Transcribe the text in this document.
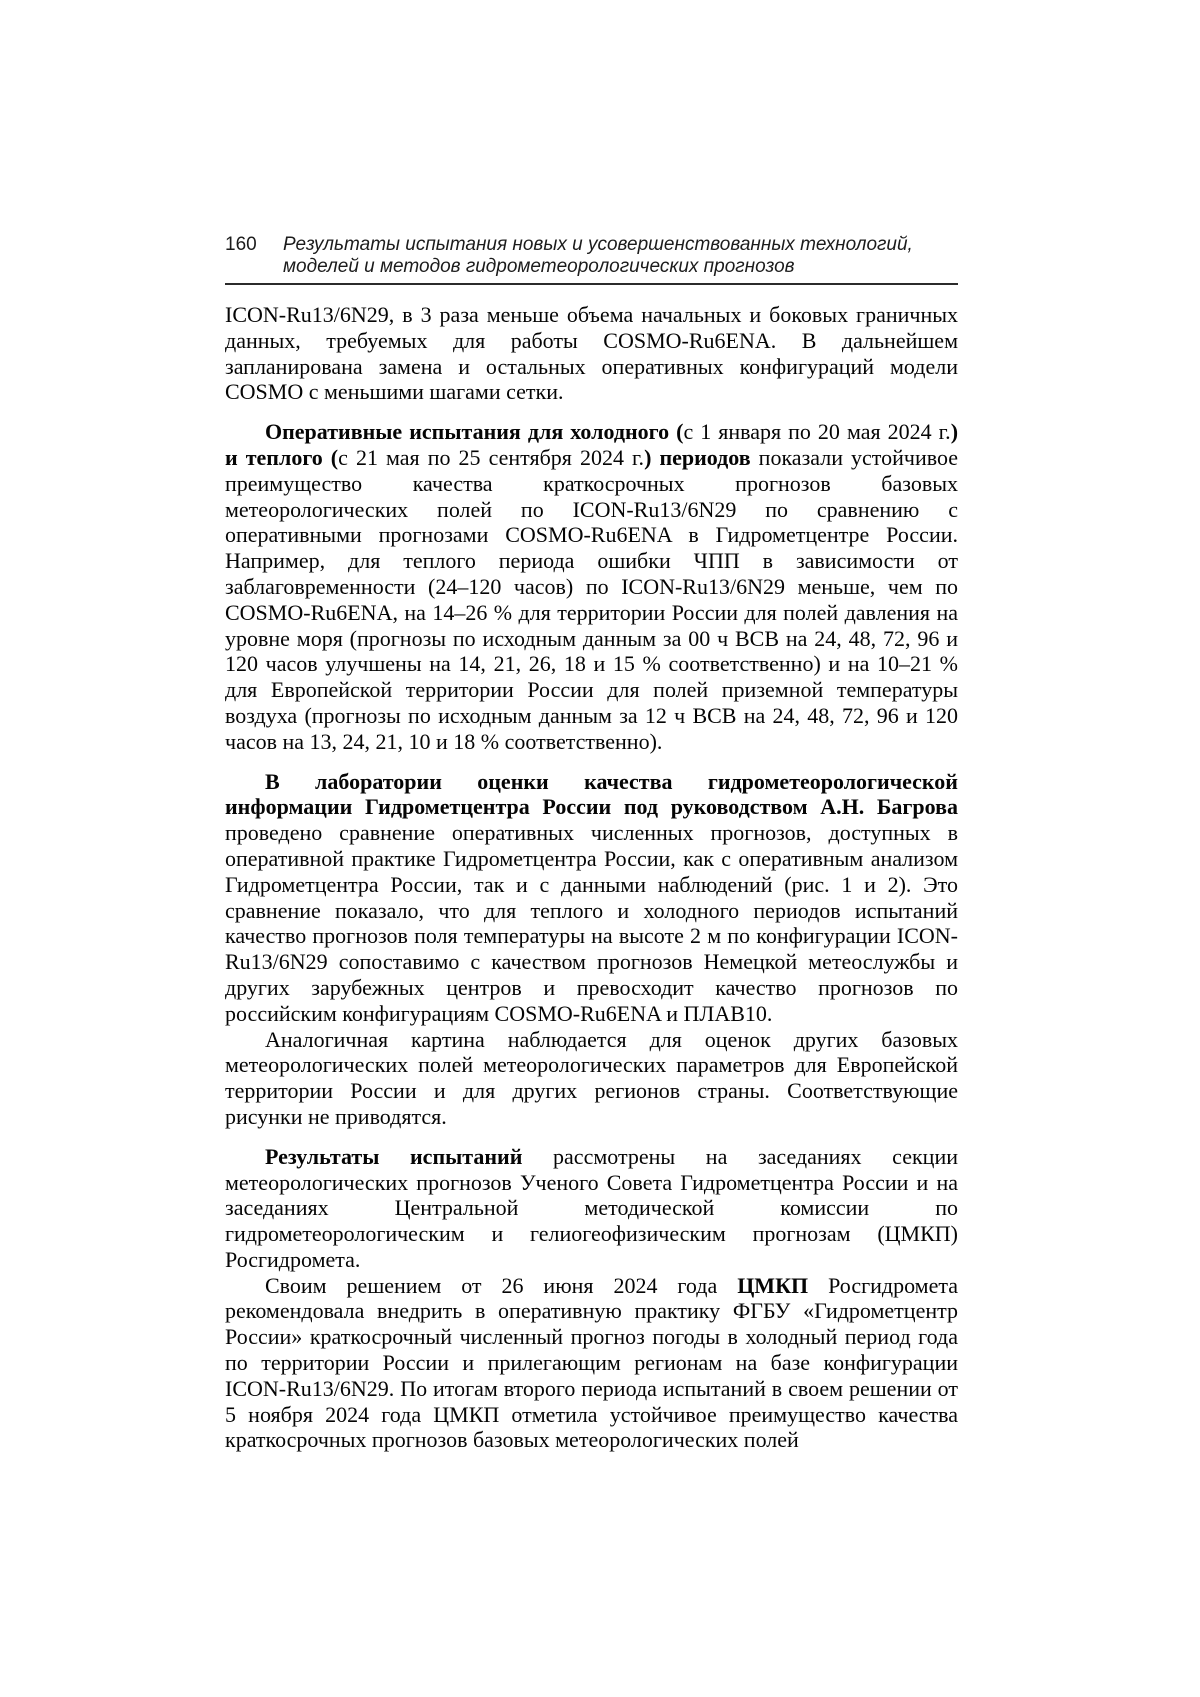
160	Результаты испытания новых и усовершенствованных технологий, моделей и методов гидрометеорологических прогнозов

ICON-Ru13/6N29, в 3 раза меньше объема начальных и боковых граничных данных, требуемых для работы COSMO-Ru6ENA. В дальнейшем запланирована замена и остальных оперативных конфигураций модели COSMO с меньшими шагами сетки.

Оперативные испытания для холодного (с 1 января по 20 мая 2024 г.) и теплого (с 21 мая по 25 сентября 2024 г.) периодов показали устойчивое преимущество качества краткосрочных прогнозов базовых метеорологических полей по ICON-Ru13/6N29 по сравнению с оперативными прогнозами COSMO-Ru6ENA в Гидрометцентре России. Например, для теплого периода ошибки ЧПП в зависимости от заблаговременности (24–120 часов) по ICON-Ru13/6N29 меньше, чем по COSMO-Ru6ENA, на 14–26 % для территории России для полей давления на уровне моря (прогнозы по исходным данным за 00 ч ВСВ на 24, 48, 72, 96 и 120 часов улучшены на 14, 21, 26, 18 и 15 % соответственно) и на 10–21 % для Европейской территории России для полей приземной температуры воздуха (прогнозы по исходным данным за 12 ч ВСВ на 24, 48, 72, 96 и 120 часов на 13, 24, 21, 10 и 18 % соответственно).

В лаборатории оценки качества гидрометеорологической информации Гидрометцентра России под руководством А.Н. Багрова проведено сравнение оперативных численных прогнозов, доступных в оперативной практике Гидрометцентра России, как с оперативным анализом Гидрометцентра России, так и с данными наблюдений (рис. 1 и 2). Это сравнение показало, что для теплого и холодного периодов испытаний качество прогнозов поля температуры на высоте 2 м по конфигурации ICON-Ru13/6N29 сопоставимо с качеством прогнозов Немецкой метеослужбы и других зарубежных центров и превосходит качество прогнозов по российским конфигурациям COSMO-Ru6ENA и ПЛАВ10.

Аналогичная картина наблюдается для оценок других базовых метеорологических полей метеорологических параметров для Европейской территории России и для других регионов страны. Соответствующие рисунки не приводятся.

Результаты испытаний рассмотрены на заседаниях секции метеорологических прогнозов Ученого Совета Гидрометцентра России и на заседаниях Центральной методической комиссии по гидрометеорологическим и гелиогеофизическим прогнозам (ЦМКП) Росгидромета.

Своим решением от 26 июня 2024 года ЦМКП Росгидромета рекомендовала внедрить в оперативную практику ФГБУ «Гидрометцентр России» краткосрочный численный прогноз погоды в холодный период года по территории России и прилегающим регионам на базе конфигурации ICON-Ru13/6N29. По итогам второго периода испытаний в своем решении от 5 ноября 2024 года ЦМКП отметила устойчивое преимущество качества краткосрочных прогнозов базовых метеорологических полей
